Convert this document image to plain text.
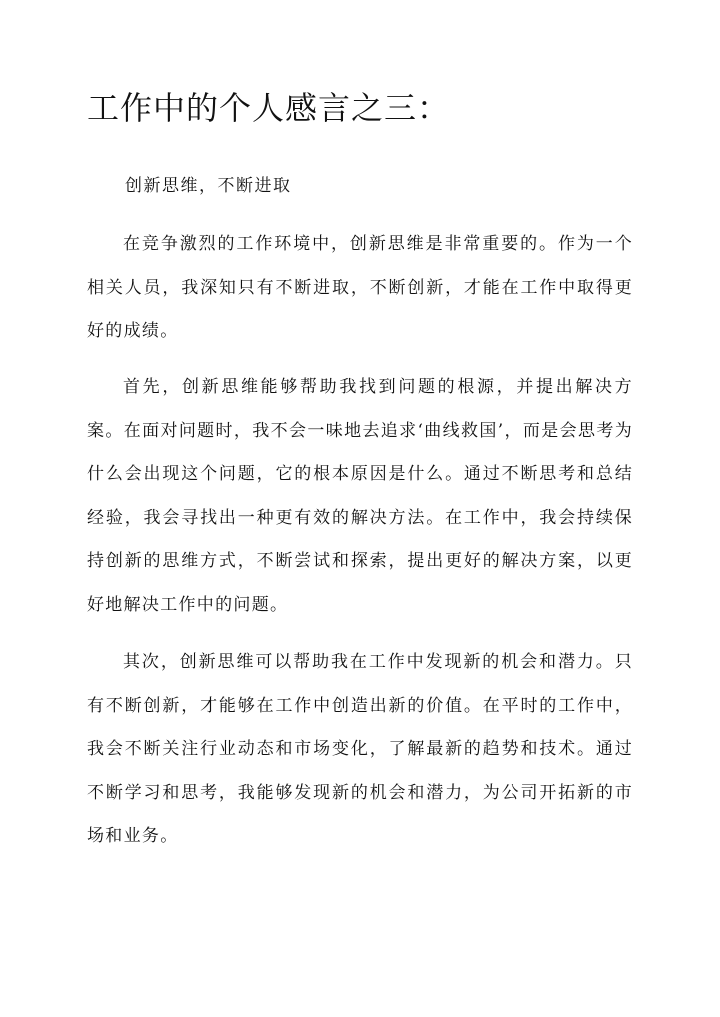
工作中的个人感言之三：

创新思维，不断进取

在竞争激烈的工作环境中，创新思维是非常重要的。作为一个相关人员，我深知只有不断进取，不断创新，才能在工作中取得更好的成绩。

首先，创新思维能够帮助我找到问题的根源，并提出解决方案。在面对问题时，我不会一味地去追求‘曲线救国’，而是会思考为什么会出现这个问题，它的根本原因是什么。通过不断思考和总结经验，我会寻找出一种更有效的解决方法。在工作中，我会持续保持创新的思维方式，不断尝试和探索，提出更好的解决方案，以更好地解决工作中的问题。

其次，创新思维可以帮助我在工作中发现新的机会和潜力。只有不断创新，才能够在工作中创造出新的价值。在平时的工作中，我会不断关注行业动态和市场变化，了解最新的趋势和技术。通过不断学习和思考，我能够发现新的机会和潜力，为公司开拓新的市场和业务。
